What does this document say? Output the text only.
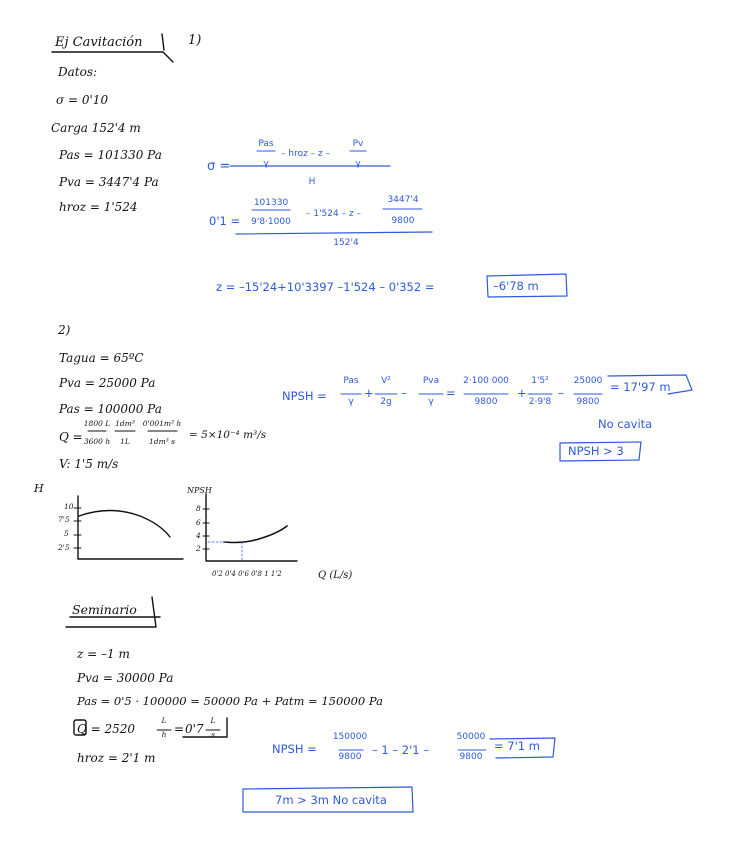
Ej Cavitación	1)
Datos:
σ = 0'10
Carga 152'4 m
Pas = 101330 Pa
Pva = 3447'4 Pa
hroz = 1'524
σ =
Pas
γ
– hroz – z –
Pv
γ
H
0'1 =
101330
9'8·1000
– 1'524 – z –
3447'4
9800
152'4
z = –15'24+10'3397 –1'524 – 0'352 =	–6'78 m
2)
Tagua = 65ºC
Pva = 25000 Pa
Pas = 100000 Pa
Q =
1800 L
3600 h
1dm³
1L
0'001m³ h
1dm³ s
= 5×10⁻⁴ m³/s
V: 1'5 m/s
NPSH =
Pas
γ
+
V²
2g
–
Pva
γ
=
2·100 000
9800
+
1'5²
2·9'8
–
25000
9800
= 17'97 m
No cavita
NPSH > 3
H
10
7'5
5
2'5
NPSH
8
6
4
2
0'2 0'4 0'6 0'8 1 1'2	Q (L/s)
Seminario
z = –1 m
Pva = 30000 Pa
Pas = 0'5 · 100000 = 50000 Pa + Patm = 150000 Pa
Q = 2520
L
h = 0'7
L
s
hroz = 2'1 m
NPSH =
150000
9800 – 1 – 2'1 –
50000
9800
= 7'1 m
7m > 3m No cavita
